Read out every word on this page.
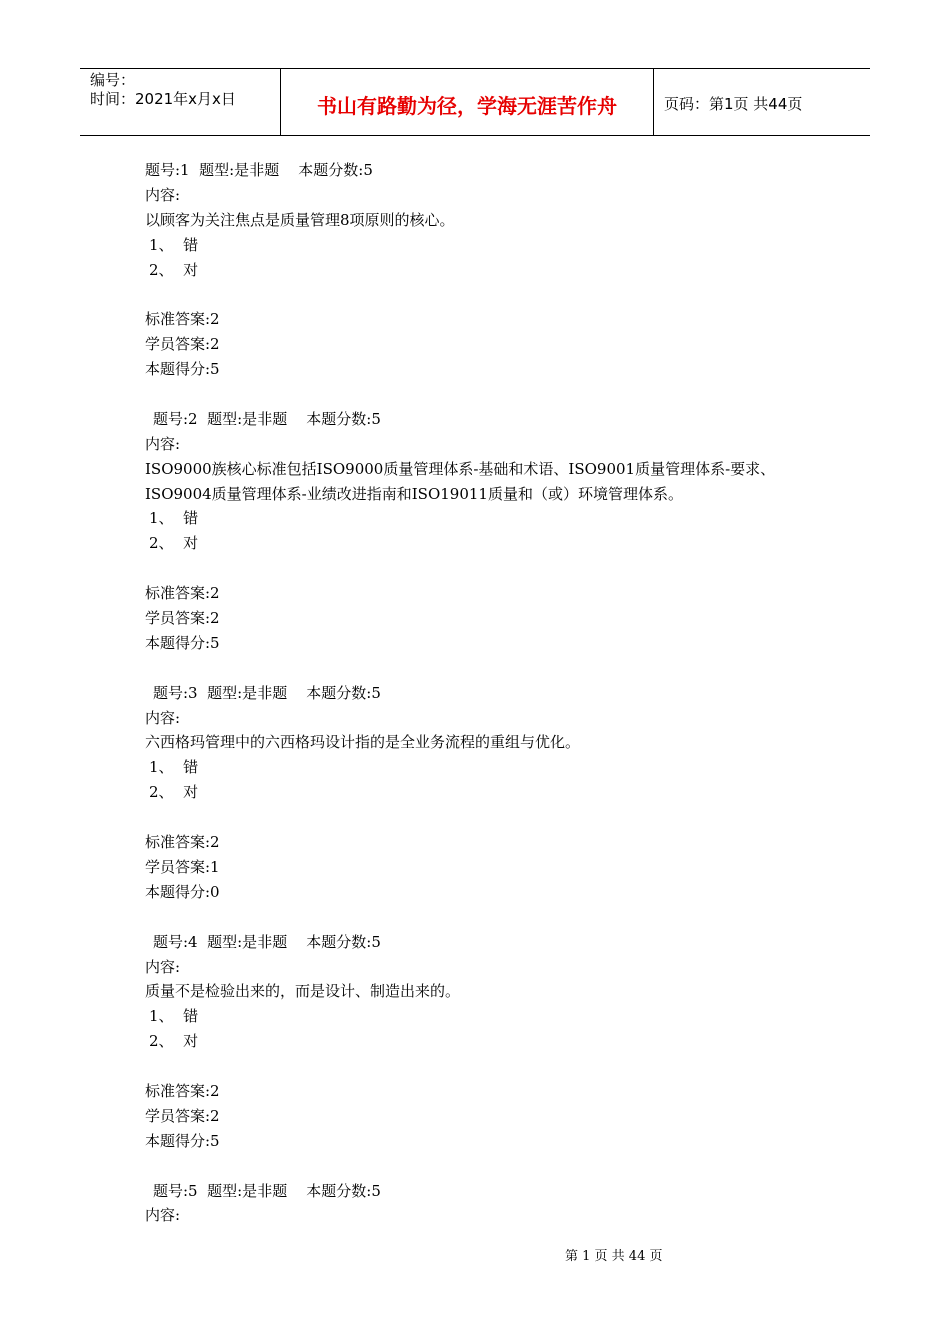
编号：
时间：2021年x月x日	书山有路勤为径，学海无涯苦作舟	页码：第1页 共44页
题号:1  题型:是非题    本题分数:5
内容:
以顾客为关注焦点是质量管理8项原则的核心。
1、  错
2、  对
标准答案:2
学员答案:2
本题得分:5
题号:2  题型:是非题    本题分数:5
内容:
ISO9000族核心标准包括ISO9000质量管理体系-基础和术语、ISO9001质量管理体系-要求、
ISO9004质量管理体系-业绩改进指南和ISO19011质量和（或）环境管理体系。
1、  错
2、  对
标准答案:2
学员答案:2
本题得分:5
题号:3  题型:是非题    本题分数:5
内容:
六西格玛管理中的六西格玛设计指的是全业务流程的重组与优化。
1、  错
2、  对
标准答案:2
学员答案:1
本题得分:0
题号:4  题型:是非题    本题分数:5
内容:
质量不是检验出来的，而是设计、制造出来的。
1、  错
2、  对
标准答案:2
学员答案:2
本题得分:5
题号:5  题型:是非题    本题分数:5
内容:
第 1 页 共 44 页
